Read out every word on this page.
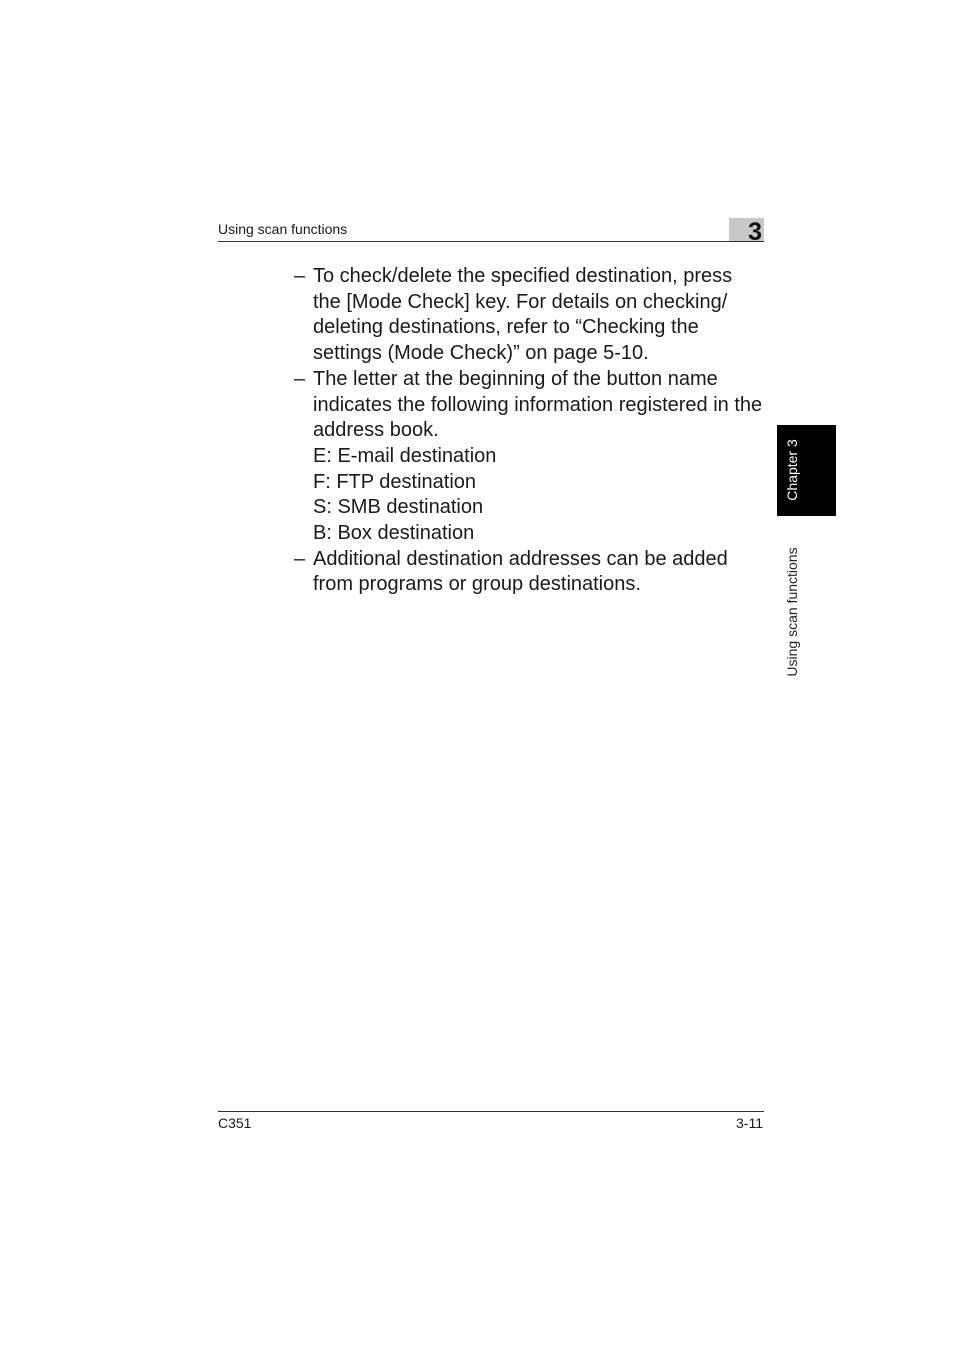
Using scan functions	3
– To check/delete the specified destination, press the [Mode Check] key. For details on checking/ deleting destinations, refer to “Checking the settings (Mode Check)” on page 5-10.
– The letter at the beginning of the button name indicates the following information registered in the address book.
E: E-mail destination
F: FTP destination
S: SMB destination
B: Box destination
– Additional destination addresses can be added from programs or group destinations.
Chapter 3
Using scan functions
C351	3-11
